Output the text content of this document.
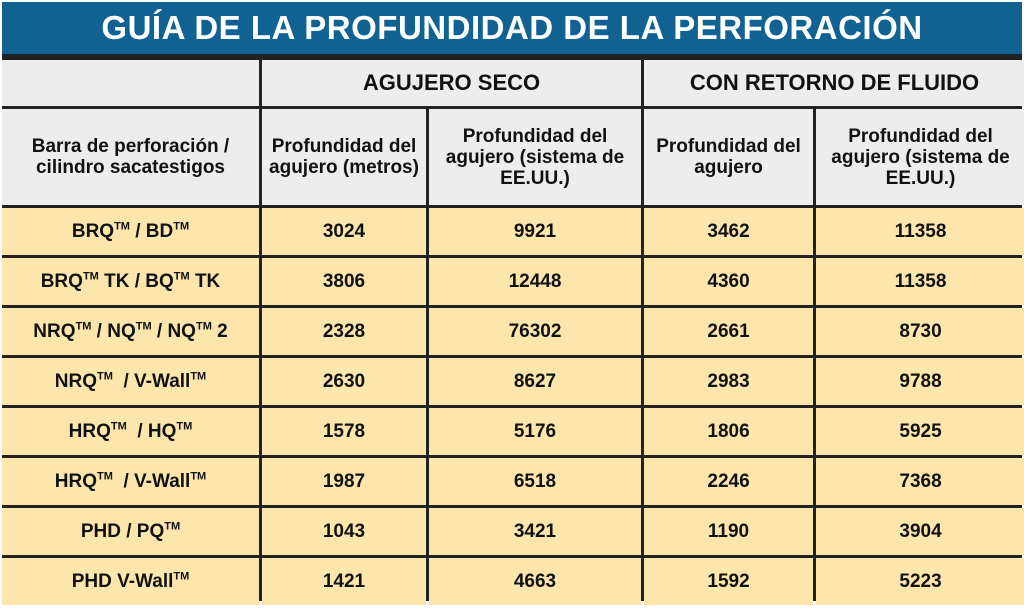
GUÍA DE LA PROFUNDIDAD DE LA PERFORACIÓN
	AGUJERO SECO		CON RETORNO DE FLUIDO	
Barra de perforación / cilindro sacatestigos	Profundidad del agujero (metros)	Profundidad del agujero (sistema de EE.UU.)	Profundidad del agujero	Profundidad del agujero (sistema de EE.UU.)
BRQ™ / BD™	3024	9921	3462	11358
BRQ™ TK / BQ™ TK	3806	12448	4360	11358
NRQ™ / NQ™ / NQ™ 2	2328	76302	2661	8730
NRQ™  / V-Wall™	2630	8627	2983	9788
HRQ™  / HQ™	1578	5176	1806	5925
HRQ™  / V-Wall™	1987	6518	2246	7368
PHD / PQ™	1043	3421	1190	3904
PHD V-Wall™	1421	4663	1592	5223
